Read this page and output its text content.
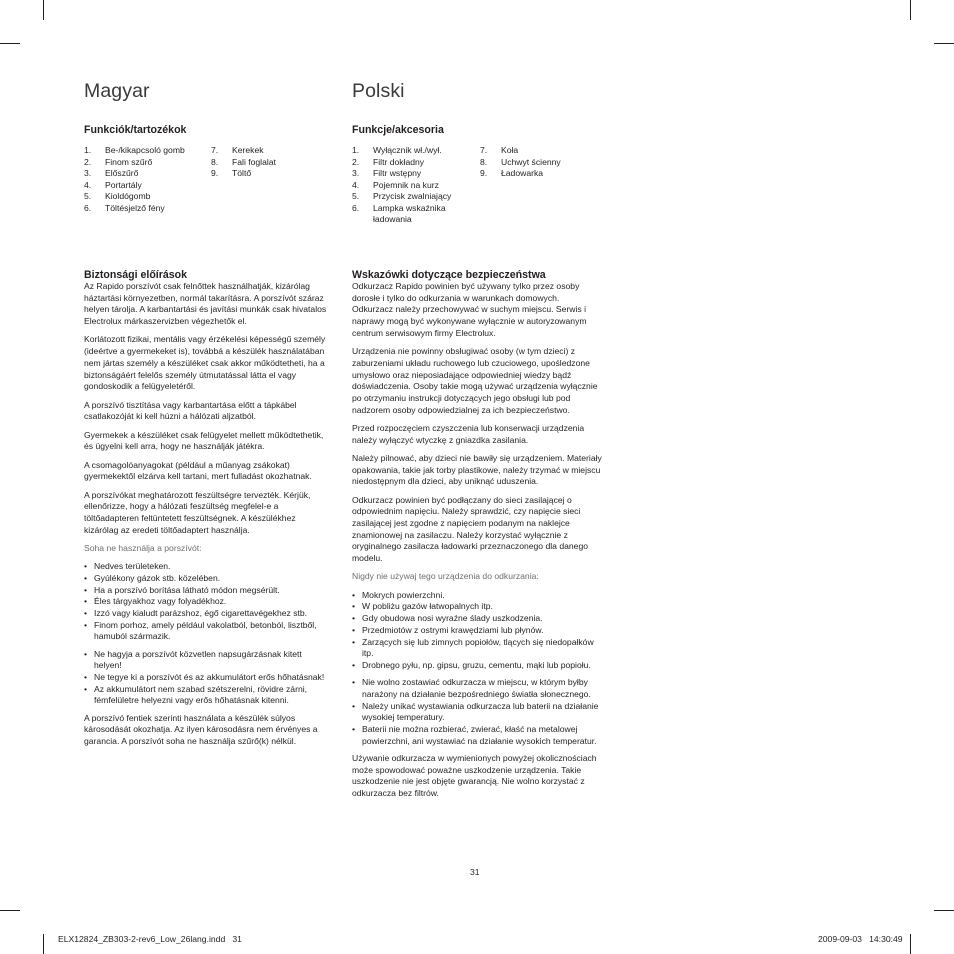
Magyar
Funkciók/tartozékok
1.	Be-/kikapcsoló gomb
2.	Finom szűrő
3.	Előszűrő
4.	Portartály
5.	Kioldógomb
6.	Töltésjelző fény
7.	Kerekek
8.	Fali foglalat
9.	Töltő
Biztonsági előírások

Az Rapido porszívót csak felnőttek használhatják, kizárólag háztartási környezetben, normál takarításra. A porszívót száraz helyen tárolja. A karbantartási és javítási munkák csak hivatalos Electrolux márkaszervizben végezhetők el.

Korlátozott fizikai, mentális vagy érzékelési képességű személy (ideértve a gyermekeket is), továbbá a készülék használatában nem jártas személy a készüléket csak akkor működtetheti, ha a biztonságáért felelős személy útmutatással látta el vagy gondoskodik a felügyeletéről.

A porszívó tisztítása vagy karbantartása előtt a tápkábel csatlakozóját ki kell húzni a hálózati aljzatból.

Gyermekek a készüléket csak felügyelet mellett működtethetik, és ügyelni kell arra, hogy ne használják játékra.

A csomagolóanyagokat (például a műanyag zsákokat) gyermekektől elzárva kell tartani, mert fulladást okozhatnak.

A porszívókat meghatározott feszültségre tervezték. Kérjük, ellenőrizze, hogy a hálózati feszültség megfelel-e a töltőadapteren feltüntetett feszültségnek. A készülékhez kizárólag az eredeti töltőadaptert használja.

Soha ne használja a porszívót:

• Nedves területeken.
• Gyúlékony gázok stb. közelében.
• Ha a porszívó borítása látható módon megsérült.
• Éles tárgyakhoz vagy folyadékhoz.
• Izzó vagy kialudt parázshoz, égő cigarettavégekhez stb.
• Finom porhoz, amely például vakolatból, betonból, lisztből, hamuból származik.
• Ne hagyja a porszívót közvetlen napsugárzásnak kitett helyen!
• Ne tegye ki a porszívót és az akkumulátort erős hőhatásnak!
• Az akkumulátort nem szabad szétszerelni, rövidre zárni, fémfelületre helyezni vagy erős hőhatásnak kitenni.

A porszívó fentiek szerinti használata a készülék súlyos károsodását okozhatja. Az ilyen károsodásra nem érvényes a garancia. A porszívót soha ne használja szűrő(k) nélkül.

Polski
Funkcje/akcesoria
1.	Wyłącznik wł./wył.
2.	Filtr dokładny
3.	Filtr wstępny
4.	Pojemnik na kurz
5.	Przycisk zwalniający
6.	Lampka wskaźnika ładowania
7.	Koła
8.	Uchwyt ścienny
9.	Ładowarka
Wskazówki dotyczące bezpieczeństwa

Odkurzacz Rapido powinien być używany tylko przez osoby dorosłe i tylko do odkurzania w warunkach domowych. Odkurzacz należy przechowywać w suchym miejscu. Serwis i naprawy mogą być wykonywane wyłącznie w autoryzowanym centrum serwisowym firmy Electrolux.

Urządzenia nie powinny obsługiwać osoby (w tym dzieci) z zaburzeniami układu ruchowego lub czuciowego, upośledzone umysłowo oraz nieposiadające odpowiedniej wiedzy bądź doświadczenia. Osoby takie mogą używać urządzenia wyłącznie po otrzymaniu instrukcji dotyczących jego obsługi lub pod nadzorem osoby odpowiedzialnej za ich bezpieczeństwo.

Przed rozpoczęciem czyszczenia lub konserwacji urządzenia należy wyłączyć wtyczkę z gniazdka zasilania.

Należy pilnować, aby dzieci nie bawiły się urządzeniem. Materiały opakowania, takie jak torby plastikowe, należy trzymać w miejscu niedostępnym dla dzieci, aby uniknąć uduszenia.

Odkurzacz powinien być podłączany do sieci zasilającej o odpowiednim napięciu. Należy sprawdzić, czy napięcie sieci zasilającej jest zgodne z napięciem podanym na naklejce znamionowej na zasilaczu. Należy korzystać wyłącznie z oryginalnego zasilacza ładowarki przeznaczonego dla danego modelu.

Nigdy nie używaj tego urządzenia do odkurzania:

• Mokrych powierzchni.
• W pobliżu gazów łatwopalnych itp.
• Gdy obudowa nosi wyraźne ślady uszkodzenia.
• Przedmiotów z ostrymi krawędziami lub płynów.
• Zarzących się lub zimnych popiołów, tlących się niedopałków itp.
• Drobnego pyłu, np. gipsu, gruzu, cementu, mąki lub popiołu.
• Nie wolno zostawiać odkurzacza w miejscu, w którym byłby narażony na działanie bezpośredniego światła słonecznego.
• Należy unikać wystawiania odkurzacza lub baterii na działanie wysokiej temperatury.
• Baterii nie można rozbierać, zwierać, kłaść na metalowej powierzchni, ani wystawiać na działanie wysokich temperatur.

Używanie odkurzacza w wymienionych powyżej okolicznościach może spowodować poważne uszkodzenie urządzenia. Takie uszkodzenie nie jest objęte gwarancją. Nie wolno korzystać z odkurzacza bez filtrów.

31
ELX12824_ZB303-2-rev6_Low_26lang.indd   31	2009-09-03   14:30:49
